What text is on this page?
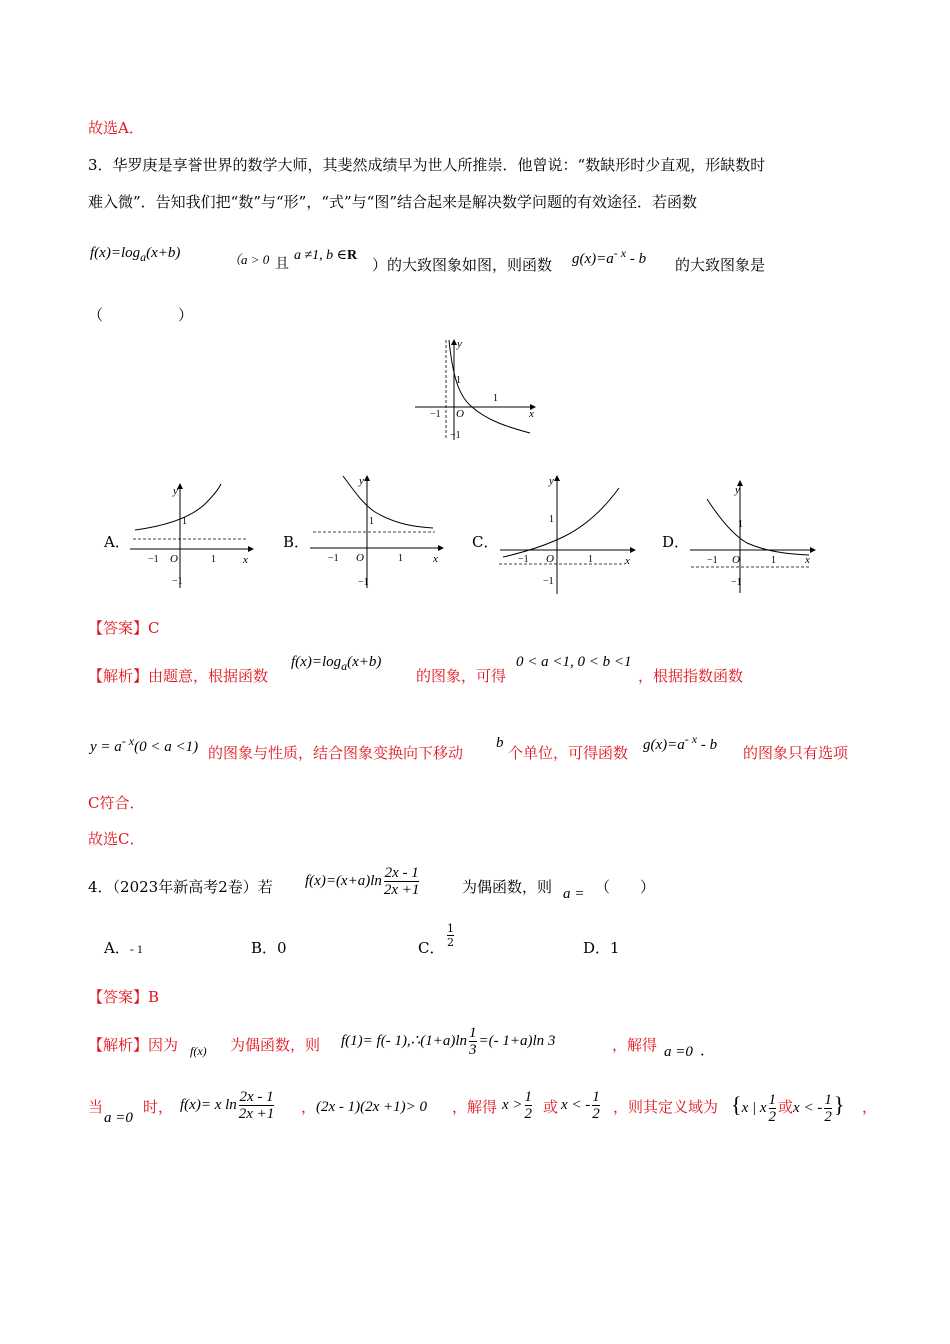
故选A．
3．华罗庚是享誉世界的数学大师，其斐然成绩早为世人所推崇．他曾说：“数缺形时少直观，形缺数时
难入微”．告知我们把“数”与“形”，“式”与“图”结合起来是解决数学问题的有效途径．若函数
$f(x)=\log_a(x+b)$	（a > 0 且
a ≠1, b ∈R
）的大致图象如图，则函数 $g(x)=a^{- x} - b$ 的大致图象是
（　　　　　）
y
x
O
1
−1
1
−1
A．
y
x
O
1
−1
1
−1
B．
y
x
O
1
−1
1
−1
C．
y
x
O
1
−1
1
−1
D．
y
x
O
1
−1
1
−1
【答案】C
【解析】由题意，根据函数
$f(x)=\log_a(x+b)$
的图象，可得
0 < a <1, 0 < b <1
，根据指数函数
$y = a^{- x}(0 < a <1)$ 的图象与性质，结合图象变换向下移动
b
个单位，可得函数 $g(x)=a^{- x} - b$ 的图象只有选项
C符合．
故选C．
4．（2023年新高考2卷）若 $f(x)=(x+a)\ln \frac{2x - 1}{2x +1}$	为偶函数，则 a = （　　）
A．- 1	B．0	C．
1
2	D．1
【答案】B
【解析】因为 f(x) 为偶函数，则 f(1)= f(- 1),∴(1+a)ln $\frac{1}{3}$ =(- 1+a)ln 3	，解得 a =0 ．
当
a =0
时， f(x)= x $\ln \frac{2x - 1}{2x +1}$ ， (2x - 1)(2x +1)> 0 ，解得 $x > \frac{1}{2}$ 或 x < - $\frac{1}{2}$ ，则其定义域为 {x | x $\frac{1}{2}$ 或x < - $\frac{1}{2}$ } ，
